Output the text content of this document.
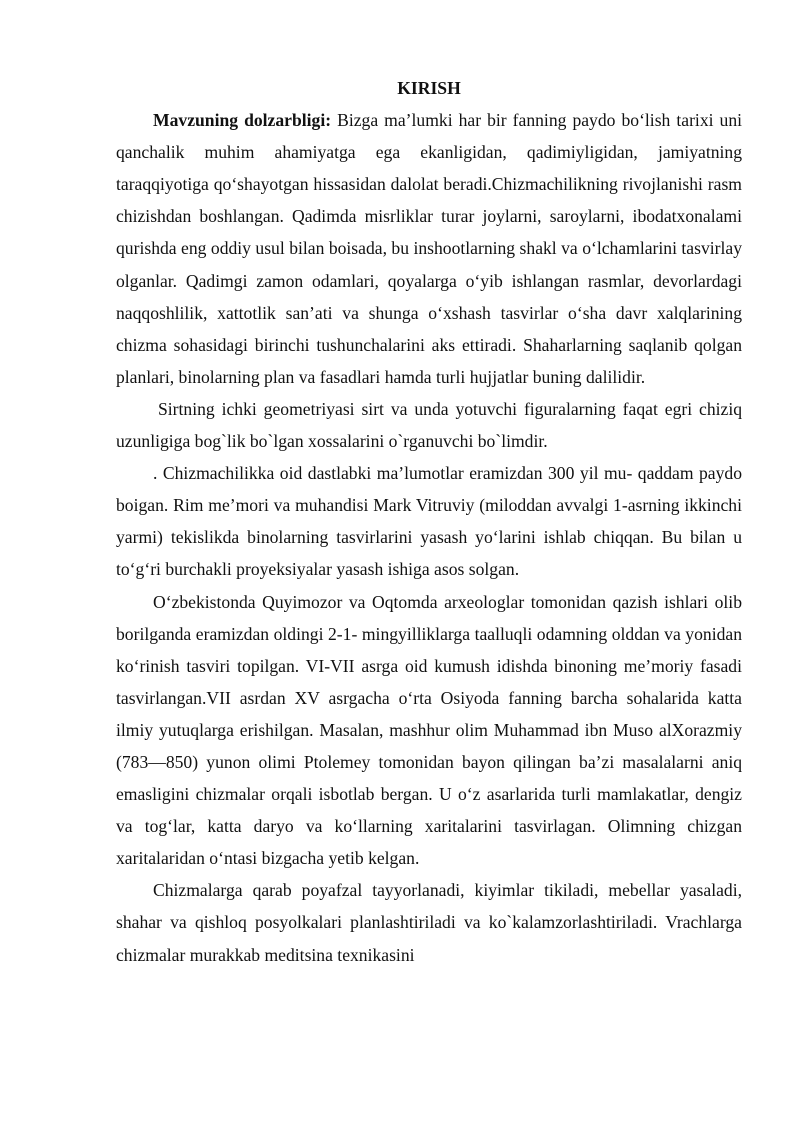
KIRISH

Mavzuning dolzarbligi: Bizga ma’lumki har bir fanning paydo bo‘lish tarixi uni qanchalik muhim ahamiyatga ega ekanligidan, qadimiyligidan, jamiyatning taraqqiyotiga qo‘shayotgan hissasidan dalolat beradi.Chizmachilikning rivojlanishi rasm chizishdan boshlangan. Qadimda misrliklar turar joylarni, saroylarni, ibodatxonalami qurishda eng oddiy usul bilan boisada, bu inshootlarning shakl va o‘lchamlarini tasvirlay olganlar. Qadimgi zamon odamlari, qoyalarga o‘yib ishlangan rasmlar, devorlardagi naqqoshlilik, xattotlik san’ati va shunga o‘xshash tasvirlar o‘sha davr xalqlarining chizma sohasidagi birinchi tushunchalarini aks ettiradi. Shaharlarning saqlanib qolgan planlari, binolarning plan va fasadlari hamda turli hujjatlar buning dalilidir.

Sirtning ichki geometriyasi sirt va unda yotuvchi figuralarning faqat egri chiziq uzunligiga bog`lik bo`lgan xossalarini o`rganuvchi bo`limdir.

. Chizmachilikka oid dastlabki ma’lumotlar eramizdan 300 yil mu- qaddam paydo boigan. Rim me’mori va muhandisi Mark Vitruviy (miloddan avvalgi 1-asrning ikkinchi yarmi) tekislikda binolarning tasvirlarini yasash yo‘larini ishlab chiqqan. Bu bilan u to‘g‘ri burchakli proyeksiyalar yasash ishiga asos solgan.

O‘zbekistonda Quyimozor va Oqtomda arxeologlar tomonidan qazish ishlari olib borilganda eramizdan oldingi 2-1- mingyilliklarga taalluqli odamning olddan va yonidan ko‘rinish tasviri topilgan. VI-VII asrga oid kumush idishda binoning me’moriy fasadi tasvirlangan.VII asrdan XV asrgacha o‘rta Osiyoda fanning barcha sohalarida katta ilmiy yutuqlarga erishilgan. Masalan, mashhur olim Muhammad ibn Muso alXorazmiy (783—850) yunon olimi Ptolemey tomonidan bayon qilingan ba’zi masalalarni aniq emasligini chizmalar orqali isbotlab bergan. U o‘z asarlarida turli mamlakatlar, dengiz va tog‘lar, katta daryo va ko‘llarning xaritalarini tasvirlagan. Olimning chizgan xaritalaridan o‘ntasi bizgacha yetib kelgan.

Chizmalarga qarab poyafzal tayyorlanadi, kiyimlar tikiladi, mebellar yasaladi, shahar va qishloq posyolkalari planlashtiriladi va ko`kalamzorlashtiriladi. Vrachlarga chizmalar murakkab meditsina texnikasini
